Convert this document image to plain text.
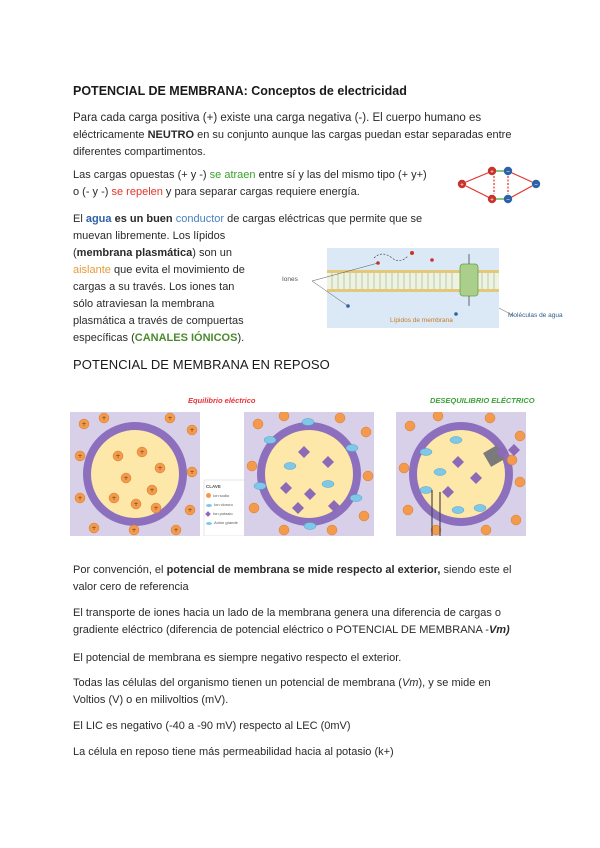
POTENCIAL DE MEMBRANA: Conceptos de electricidad
Para cada carga positiva (+) existe una carga negativa (-). El cuerpo humano es
eléctricamente NEUTRO en su conjunto aunque las cargas puedan estar separadas entre
diferentes compartimentos.
Las cargas opuestas (+ y -) se atraen entre sí y las del mismo tipo (+ y+)
o (- y -) se repelen y para separar cargas requiere energía.
+
+ −
+ −
−
El agua es un buen conductor de cargas eléctricas que permite que se
muevan libremente. Los lípidos
(membrana plasmática) son un
aislante que evita el movimiento de
cargas a su través. Los iones tan
sólo atraviesan la membrana
plasmática a través de compuertas
específicas (CANALES IÓNICOS).
Iones
Lípidos de membrana
Moléculas de agua
POTENCIAL DE MEMBRANA EN REPOSO
Equilibrio eléctrico	DESEQUILIBRIO ELÉCTRICO
+
+	+
+
+
+
+
+
+	+	+
+
+
+
+
+
+
+
+
CLAVE
Ion sodio
Ion cloruro
Ion potasio
Anión grande
Por convención, el potencial de membrana se mide respecto al exterior, siendo este el
valor cero de referencia
El transporte de iones hacia un lado de la membrana genera una diferencia de cargas o
gradiente eléctrico (diferencia de potencial eléctrico o POTENCIAL DE MEMBRANA -Vm)
El potencial de membrana es siempre negativo respecto el exterior.
Todas las células del organismo tienen un potencial de membrana (Vm), y se mide en
Voltios (V) o en milivoltios (mV).
El LIC es negativo (-40 a -90 mV) respecto al LEC (0mV)
La célula en reposo tiene más permeabilidad hacia al potasio (k+)
